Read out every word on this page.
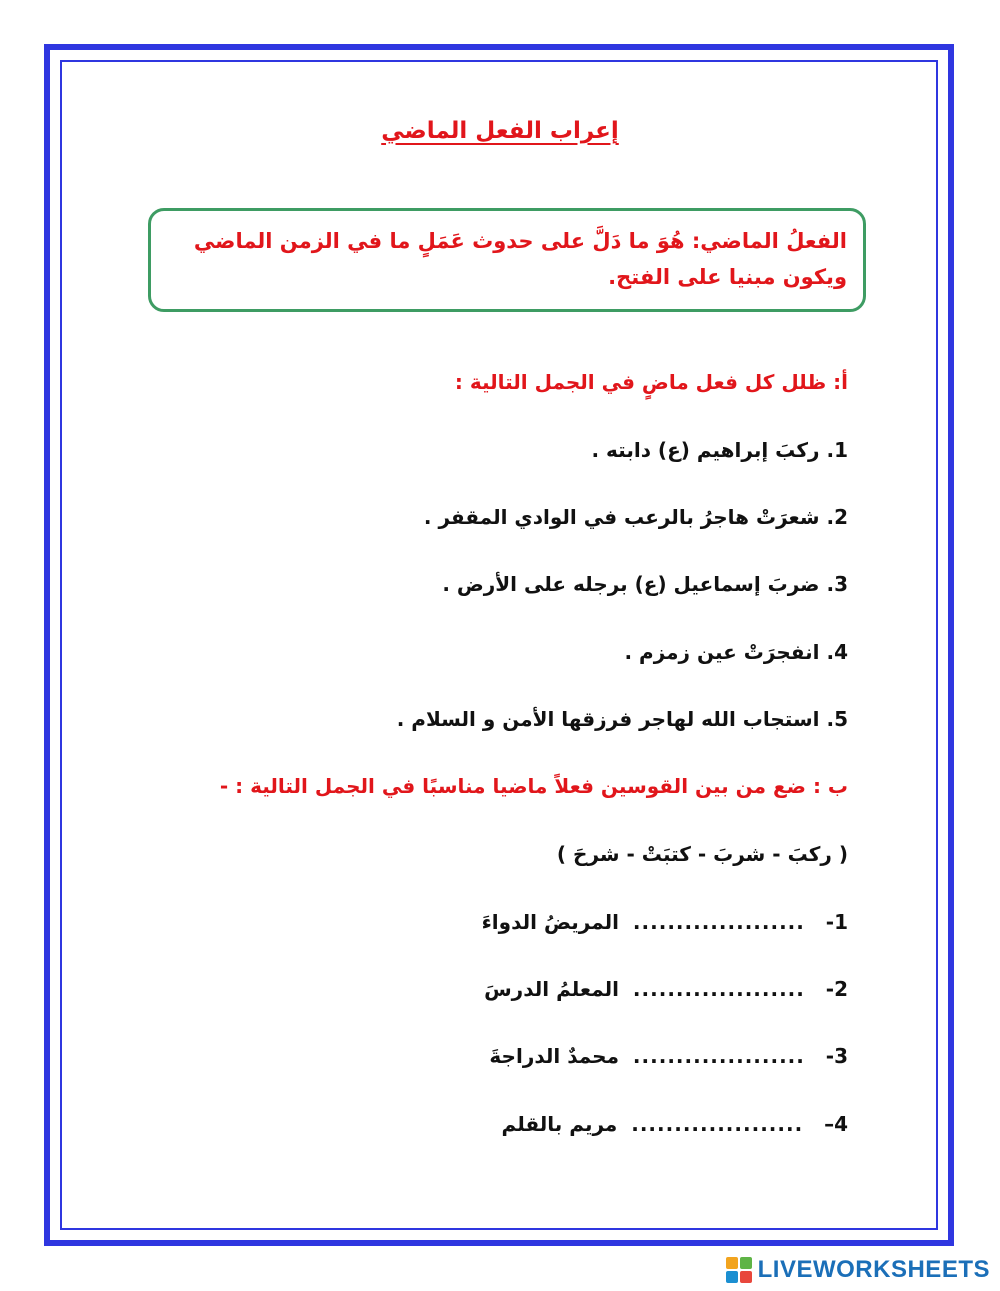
إعراب الفعل الماضي
الفعلُ الماضي: هُوَ ما دَلَّ على حدوث عَمَلٍ ما في الزمن الماضي
ويكون مبنيا على الفتح.
أ: ظلل كل فعل ماضٍ في الجمل التالية :
1. ركبَ إبراهيم (ع) دابته .
2. شعرَتْ هاجرُ بالرعب في الوادي المقفر .
3. ضربَ إسماعيل (ع) برجله على الأرض .
4. انفجرَتْ عين زمزم .
5. استجاب الله لهاجر فرزقها الأمن و السلام .
ب : ضع من بين القوسين فعلاً ماضيا مناسبًا في الجمل التالية : -
( ركبَ - شربَ - كتبَتْ - شرحَ )
1-   ....................  المريضُ الدواءَ
2-   ....................  المعلمُ الدرسَ
3-   ....................  محمدٌ الدراجةَ
4–   ....................  مريم بالقلم
LIVEWORKSHEETS
